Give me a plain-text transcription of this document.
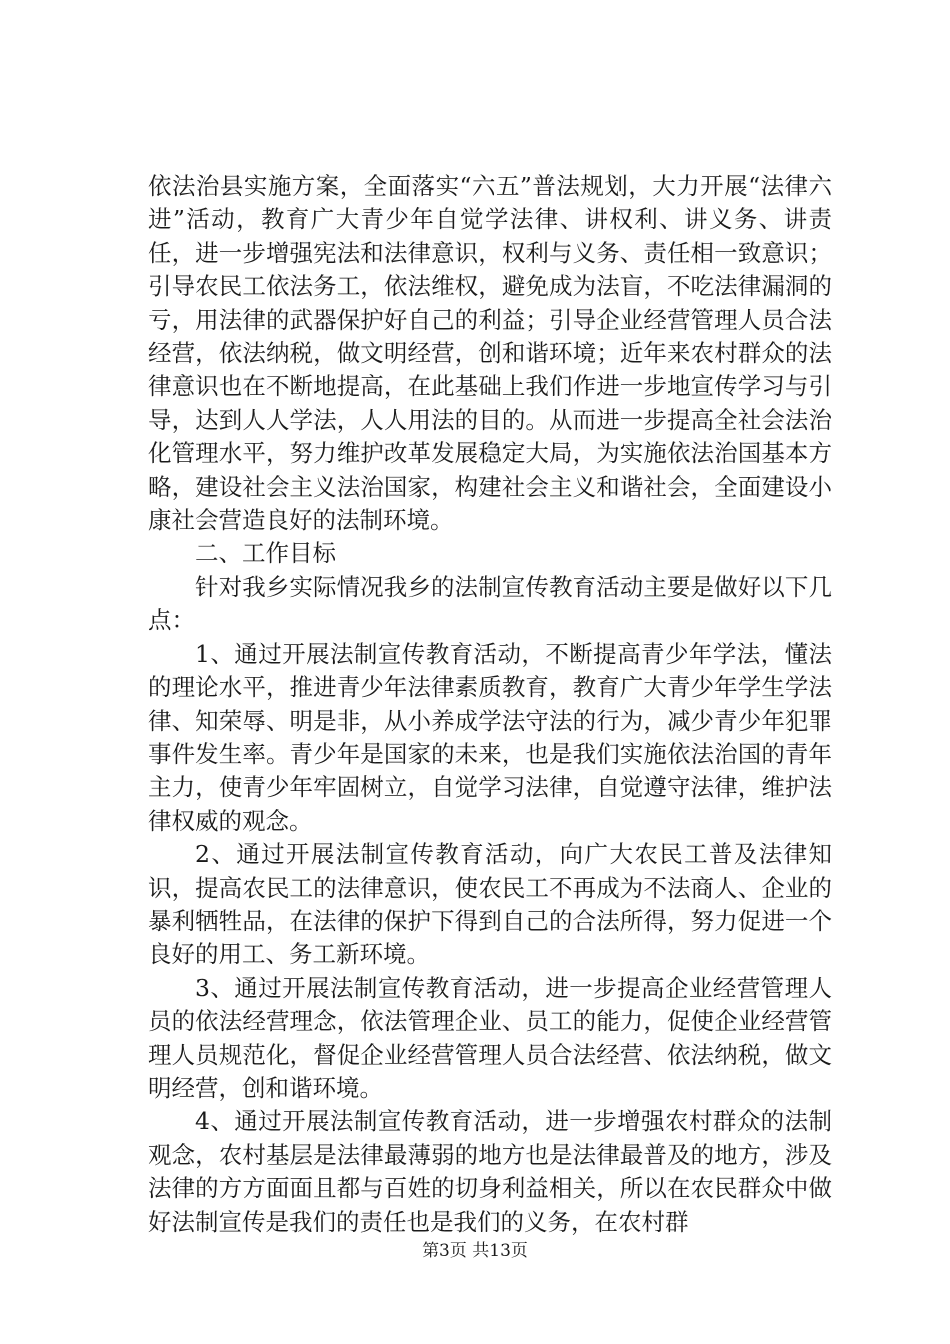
依法治县实施方案，全面落实“六五”普法规划，大力开展“法律六进”活动，教育广大青少年自觉学法律、讲权利、讲义务、讲责任，进一步增强宪法和法律意识，权利与义务、责任相一致意识；引导农民工依法务工，依法维权，避免成为法盲，不吃法律漏洞的亏，用法律的武器保护好自己的利益；引导企业经营管理人员合法经营，依法纳税，做文明经营，创和谐环境；近年来农村群众的法律意识也在不断地提高，在此基础上我们作进一步地宣传学习与引导，达到人人学法，人人用法的目的。从而进一步提高全社会法治化管理水平，努力维护改革发展稳定大局，为实施依法治国基本方略，建设社会主义法治国家，构建社会主义和谐社会，全面建设小康社会营造良好的法制环境。

二、工作目标

针对我乡实际情况我乡的法制宣传教育活动主要是做好以下几点：

1、通过开展法制宣传教育活动，不断提高青少年学法，懂法的理论水平，推进青少年法律素质教育，教育广大青少年学生学法律、知荣辱、明是非，从小养成学法守法的行为，减少青少年犯罪事件发生率。青少年是国家的未来，也是我们实施依法治国的青年主力，使青少年牢固树立，自觉学习法律，自觉遵守法律，维护法律权威的观念。

2、通过开展法制宣传教育活动，向广大农民工普及法律知识，提高农民工的法律意识，使农民工不再成为不法商人、企业的暴利牺牲品，在法律的保护下得到自己的合法所得，努力促进一个良好的用工、务工新环境。

3、通过开展法制宣传教育活动，进一步提高企业经营管理人员的依法经营理念，依法管理企业、员工的能力，促使企业经营管理人员规范化，督促企业经营管理人员合法经营、依法纳税，做文明经营，创和谐环境。

4、通过开展法制宣传教育活动，进一步增强农村群众的法制观念，农村基层是法律最薄弱的地方也是法律最普及的地方，涉及法律的方方面面且都与百姓的切身利益相关，所以在农民群众中做好法制宣传是我们的责任也是我们的义务，在农村群

第3页 共13页
